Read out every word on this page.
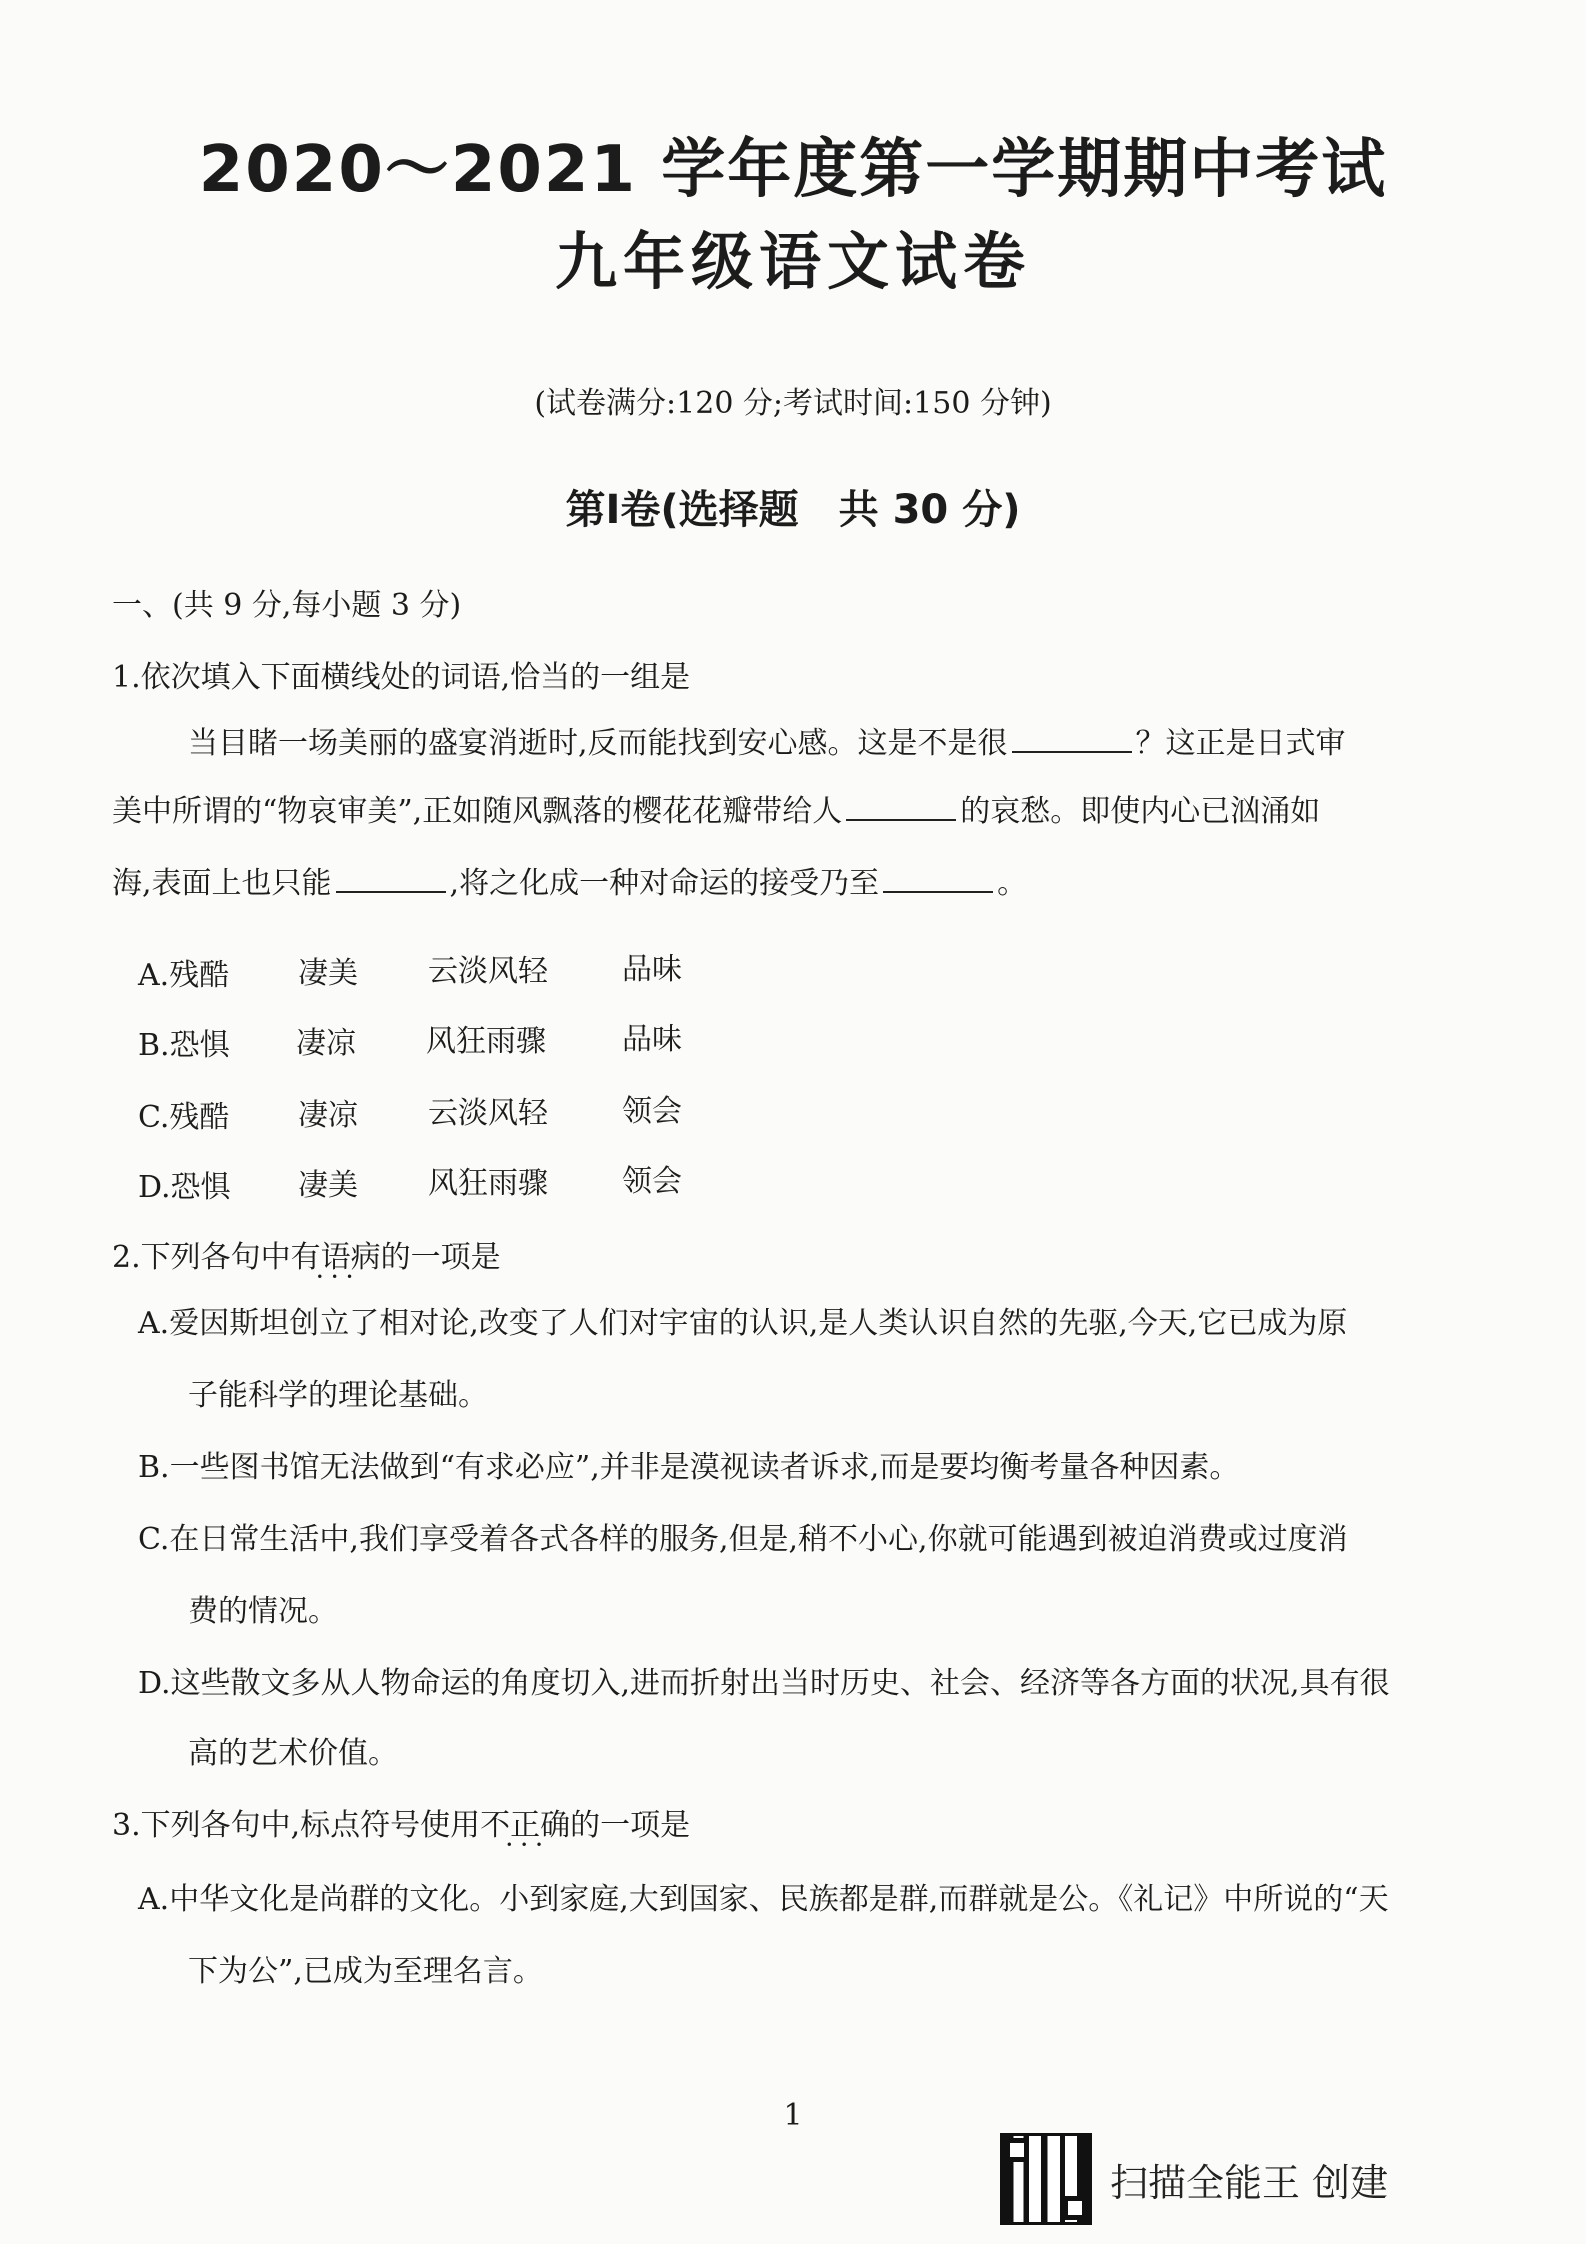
2020～2021 学年度第一学期期中考试
九年级语文试卷
(试卷满分:120 分;考试时间:150 分钟)
第Ⅰ卷(选择题　共 30 分)
一、(共 9 分,每小题 3 分)
1.依次填入下面横线处的词语,恰当的一组是
当目睹一场美丽的盛宴消逝时,反而能找到安心感。这是不是很	？这正是日式审
美中所谓的“物哀审美”,正如随风飘落的樱花花瓣带给人	的哀愁。即使内心已汹涌如
海,表面上也只能	,将之化成一种对命运的接受乃至	。
A.残酷 凄美 云淡风轻 品味
B.恐惧 凄凉 风狂雨骤	品味
C.残酷 凄凉 云淡风轻 领会
D.恐惧 凄美 风狂雨骤 领会
2.下列各句中有语病 • • •的一项是
A.爱因斯坦创立了相对论,改变了人们对宇宙的认识,是人类认识自然的先驱,今天,它已成为原
子能科学的理论基础。
B.一些图书馆无法做到“有求必应”,并非是漠视读者诉求,而是要均衡考量各种因素。
C.在日常生活中,我们享受着各式各样的服务,但是,稍不小心,你就可能遇到被迫消费或过度消
费的情况。
D.这些散文多从人物命运的角度切入,进而折射出当时历史、社会、经济等各方面的状况,具有很
高的艺术价值。
3.下列各句中,标点符号使用不正确 • • •的一项是
A.中华文化是尚群的文化。小到家庭,大到国家、民族都是群,而群就是公。《礼记》中所说的“天
下为公”,已成为至理名言。
1
扫描全能王 创建
